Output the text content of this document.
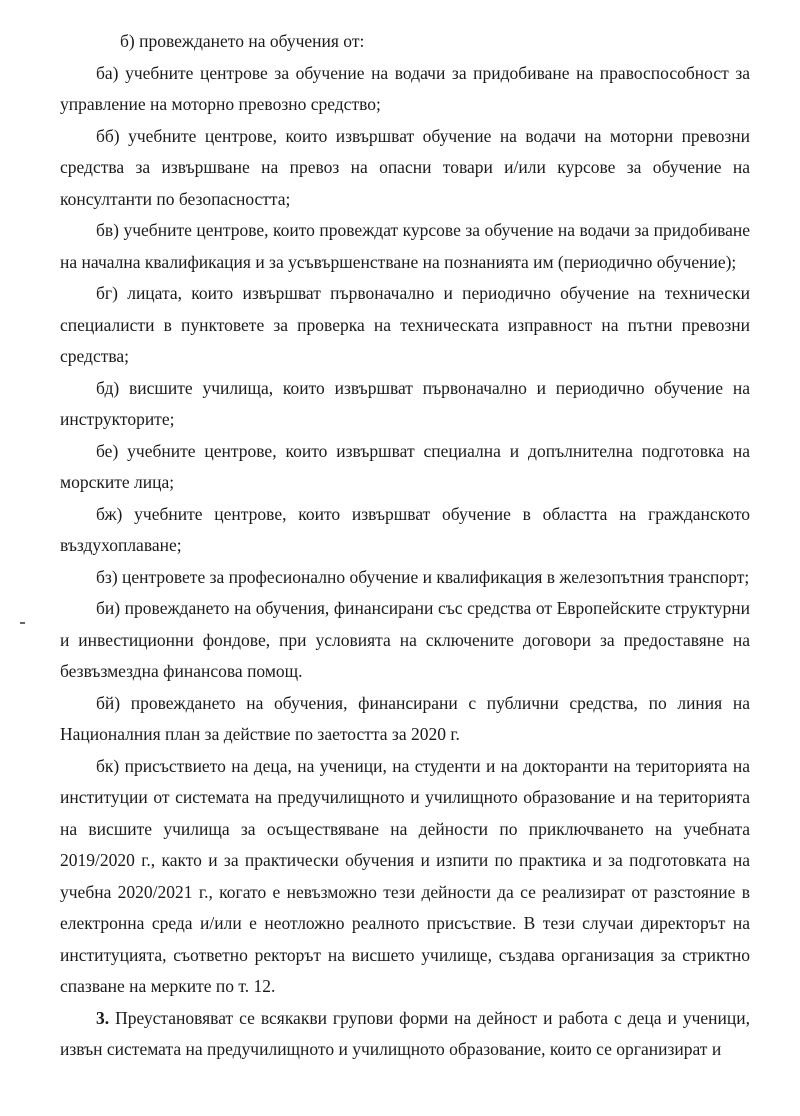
б) провеждането на обучения от:

ба) учебните центрове за обучение на водачи за придобиване на правоспособност за управление на моторно превозно средство;

бб) учебните центрове, които извършват обучение на водачи на моторни превозни средства за извършване на превоз на опасни товари и/или курсове за обучение на консултанти по безопасността;

бв) учебните центрове, които провеждат курсове за обучение на водачи за придобиване на начална квалификация и за усъвършенстване на познанията им (периодично обучение);

бг) лицата, които извършват първоначално и периодично обучение на технически специалисти в пунктовете за проверка на техническата изправност на пътни превозни средства;

бд) висшите училища, които извършват първоначално и периодично обучение на инструкторите;

бе) учебните центрове, които извършват специална и допълнителна подготовка на морските лица;

бж) учебните центрове, които извършват обучение в областта на гражданското въздухоплаване;

бз) центровете за професионално обучение и квалификация в железопътния транспорт;

би) провеждането на обучения, финансирани със средства от Европейските структурни и инвестиционни фондове, при условията на сключените договори за предоставяне на безвъзмездна финансова помощ.

бй) провеждането на обучения, финансирани с публични средства, по линия на Националния план за действие по заетостта за 2020 г.

бк) присъствието на деца, на ученици, на студенти и на докторанти на територията на институции от системата на предучилищното и училищното образование и на територията на висшите училища за осъществяване на дейности по приключването на учебната 2019/2020 г., както и за практически обучения и изпити по практика и за подготовката на учебна 2020/2021 г., когато е невъзможно тези дейности да се реализират от разстояние в електронна среда и/или е неотложно реалното присъствие. В тези случаи директорът на институцията, съответно ректорът на висшето училище, създава организация за стриктно спазване на мерките по т. 12.

3. Преустановяват се всякакви групови форми на дейност и работа с деца и ученици, извън системата на предучилищното и училищното образование, които се организират и
